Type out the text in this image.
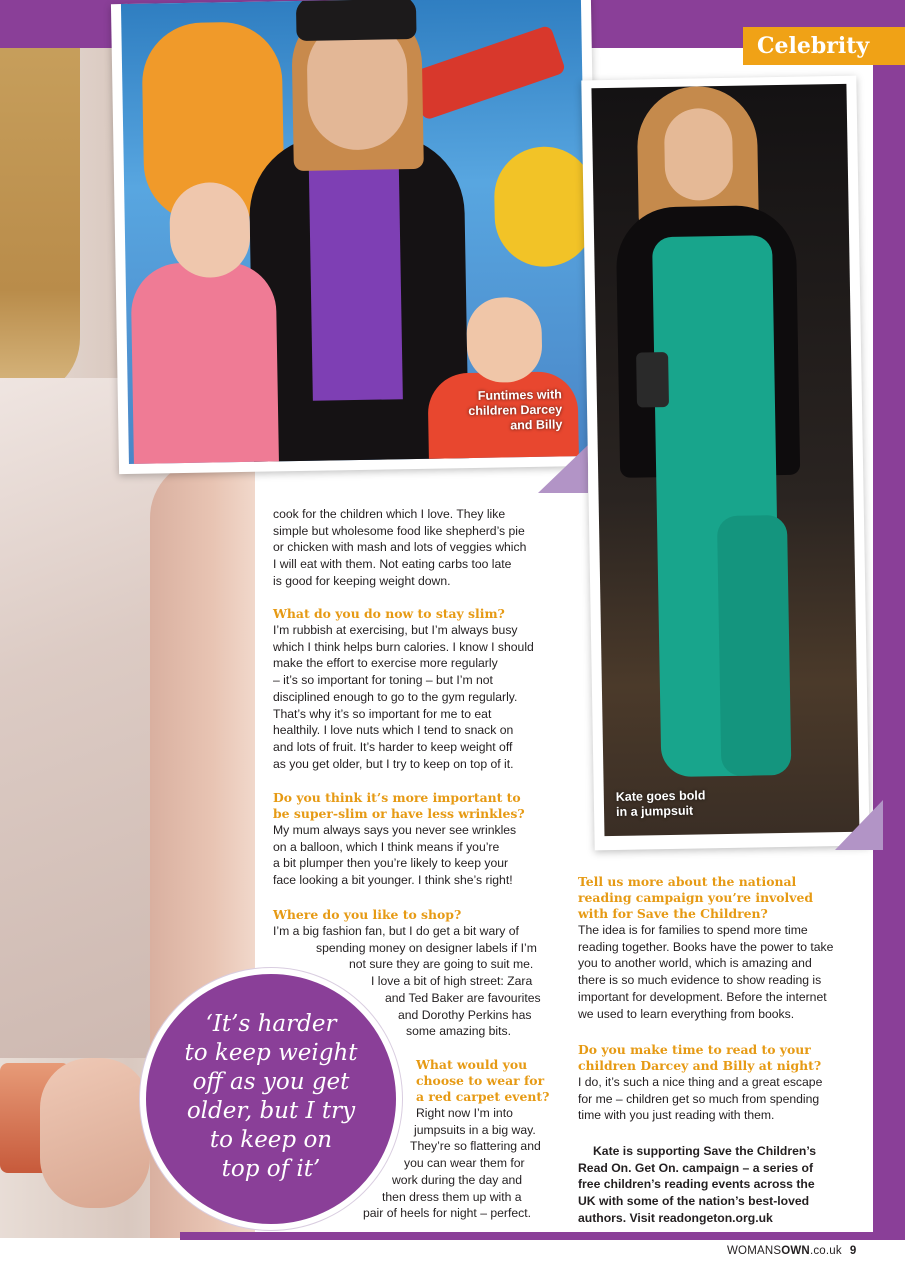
Funtimes with
children Darcey
and Billy
Kate goes bold
in a jumpsuit
Celebrity
cook for the children which I love. They like
simple but wholesome food like shepherd’s pie
or chicken with mash and lots of veggies which
I will eat with them. Not eating carbs too late
is good for keeping weight down.
What do you do now to stay slim?
I’m rubbish at exercising, but I’m always busy
which I think helps burn calories. I know I should
make the effort to exercise more regularly
– it’s so important for toning – but I’m not
disciplined enough to go to the gym regularly.
That’s why it’s so important for me to eat
healthily. I love nuts which I tend to snack on
and lots of fruit. It’s harder to keep weight off
as you get older, but I try to keep on top of it.
Do you think it’s more important to
be super-slim or have less wrinkles?
My mum always says you never see wrinkles
on a balloon, which I think means if you’re
a bit plumper then you’re likely to keep your
face looking a bit younger. I think she’s right!
Where do you like to shop?
I’m a big fashion fan, but I do get a bit wary of
spending money on designer labels if I’m
not sure they are going to suit me.
I love a bit of high street: Zara
and Ted Baker are favourites
and Dorothy Perkins has
some amazing bits.
What would you
choose to wear for
a red carpet event?
Right now I’m into
jumpsuits in a big way.
They’re so flattering and
you can wear them for
work during the day and
then dress them up with a
pair of heels for night – perfect.
Tell us more about the national
reading campaign you’re involved
with for Save the Children?
The idea is for families to spend more time
reading together. Books have the power to take
you to another world, which is amazing and
there is so much evidence to show reading is
important for development. Before the internet
we used to learn everything from books.
Do you make time to read to your
children Darcey and Billy at night?
I do, it’s such a nice thing and a great escape
for me – children get so much from spending
time with you just reading with them.
Kate is supporting Save the Children’s
Read On. Get On. campaign – a series of
free children’s reading events across the
UK with some of the nation’s best-loved
authors. Visit readongeton.org.uk
‘It’s harder
to keep weight
off as you get
older, but I try
to keep on
top of it’
WOMANSOWN.co.uk 9
